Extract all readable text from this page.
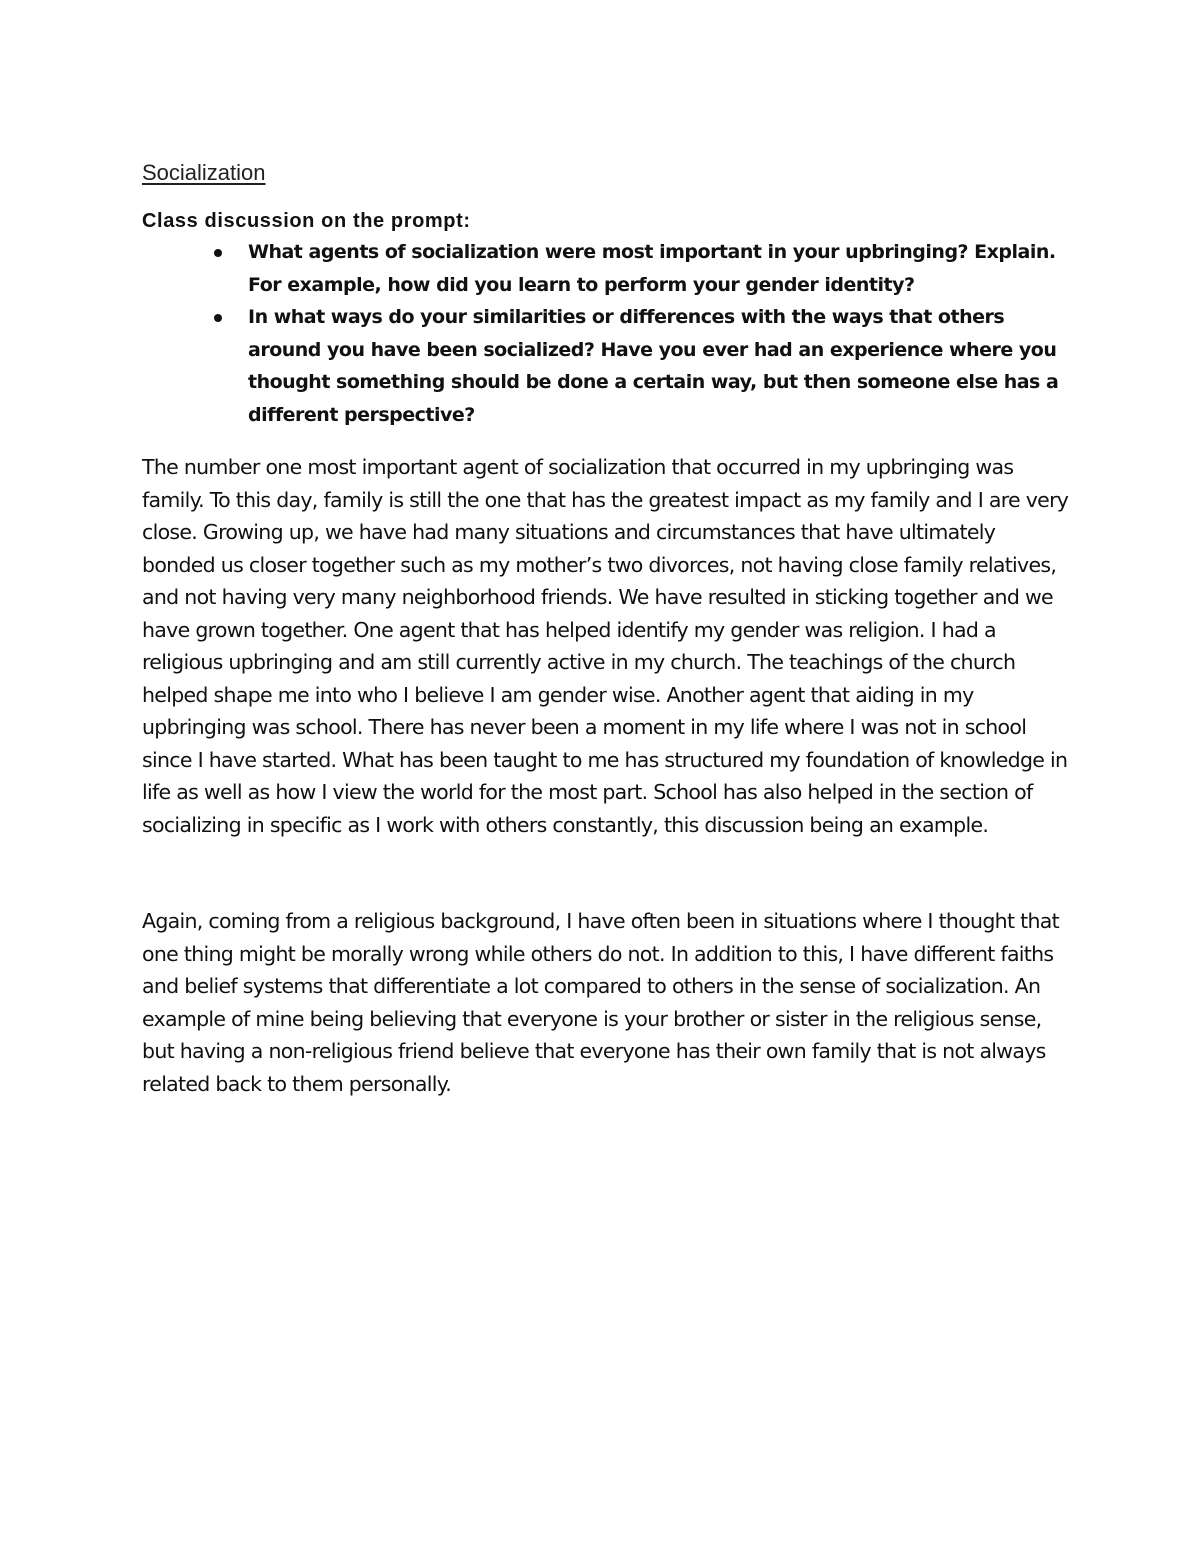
Socialization
Class discussion on the prompt:
What agents of socialization were most important in your upbringing? Explain. For example, how did you learn to perform your gender identity?
In what ways do your similarities or differences with the ways that others around you have been socialized? Have you ever had an experience where you thought something should be done a certain way, but then someone else has a different perspective?

The number one most important agent of socialization that occurred in my upbringing was family. To this day, family is still the one that has the greatest impact as my family and I are very close. Growing up, we have had many situations and circumstances that have ultimately bonded us closer together such as my mother’s two divorces, not having close family relatives, and not having very many neighborhood friends. We have resulted in sticking together and we have grown together. One agent that has helped identify my gender was religion. I had a religious upbringing and am still currently active in my church. The teachings of the church helped shape me into who I believe I am gender wise. Another agent that aiding in my upbringing was school. There has never been a moment in my life where I was not in school since I have started. What has been taught to me has structured my foundation of knowledge in life as well as how I view the world for the most part. School has also helped in the section of socializing in specific as I work with others constantly, this discussion being an example.

Again, coming from a religious background, I have often been in situations where I thought that one thing might be morally wrong while others do not. In addition to this, I have different faiths and belief systems that differentiate a lot compared to others in the sense of socialization. An example of mine being believing that everyone is your brother or sister in the religious sense, but having a non-religious friend believe that everyone has their own family that is not always related back to them personally.
